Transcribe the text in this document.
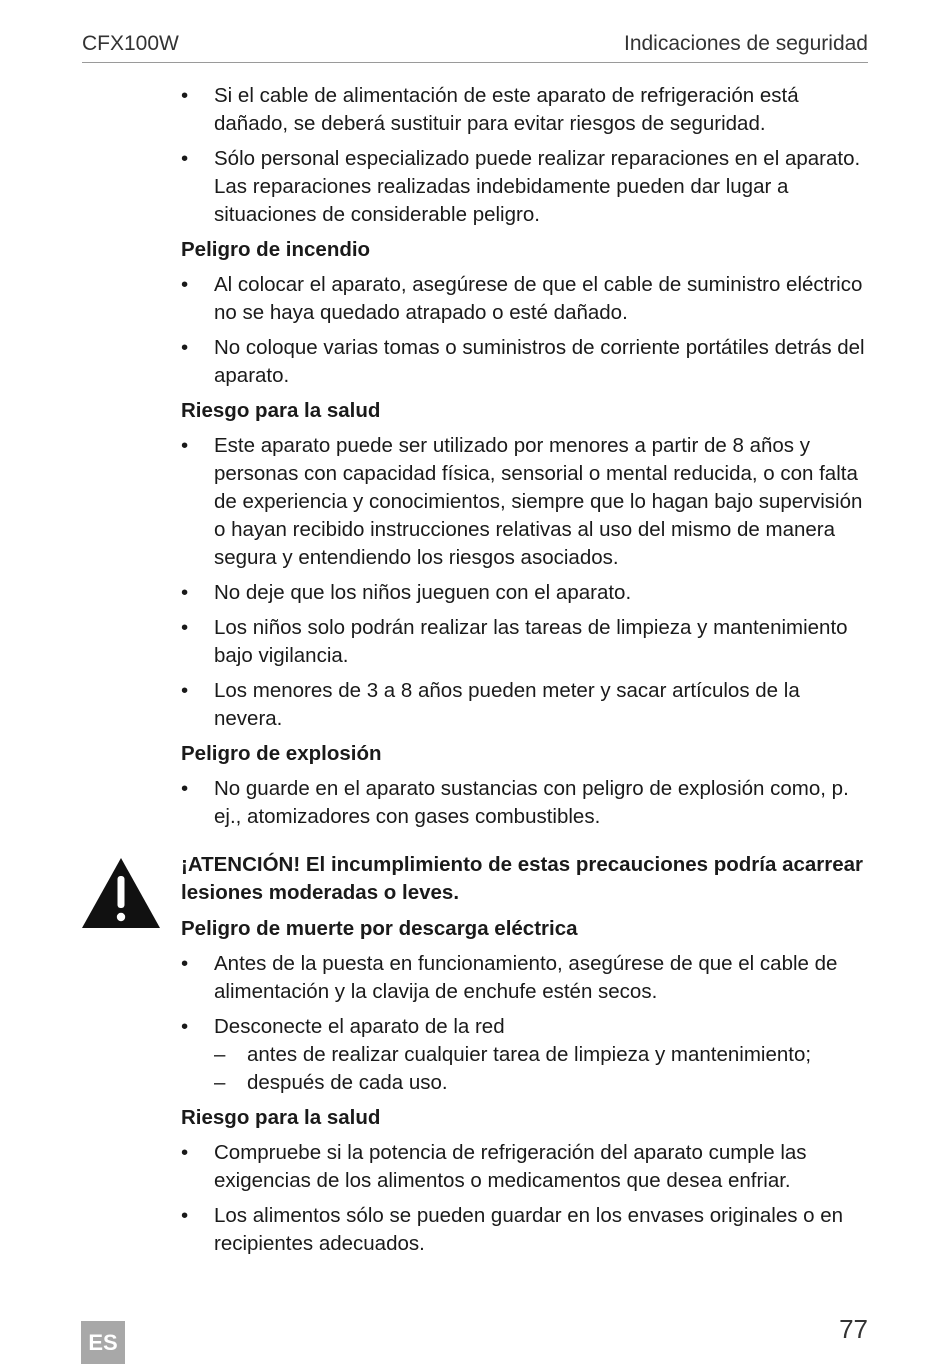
CFX100W	Indicaciones de seguridad
• Si el cable de alimentación de este aparato de refrigeración está dañado, se deberá sustituir para evitar riesgos de seguridad.
• Sólo personal especializado puede realizar reparaciones en el aparato. Las reparaciones realizadas indebidamente pueden dar lugar a situaciones de considerable peligro.
Peligro de incendio
• Al colocar el aparato, asegúrese de que el cable de suministro eléctrico no se haya quedado atrapado o esté dañado.
• No coloque varias tomas o suministros de corriente portátiles detrás del aparato.
Riesgo para la salud
• Este aparato puede ser utilizado por menores a partir de 8 años y personas con capacidad física, sensorial o mental reducida, o con falta de experiencia y conocimientos, siempre que lo hagan bajo supervisión o hayan recibido instrucciones relativas al uso del mismo de manera segura y entendiendo los riesgos asociados.
• No deje que los niños jueguen con el aparato.
• Los niños solo podrán realizar las tareas de limpieza y mantenimiento bajo vigilancia.
• Los menores de 3 a 8 años pueden meter y sacar artículos de la nevera.
Peligro de explosión
• No guarde en el aparato sustancias con peligro de explosión como, p. ej., atomizadores con gases combustibles.
¡ATENCIÓN! El incumplimiento de estas precauciones podría acarrear lesiones moderadas o leves.
Peligro de muerte por descarga eléctrica
• Antes de la puesta en funcionamiento, asegúrese de que el cable de alimentación y la clavija de enchufe estén secos.
• Desconecte el aparato de la red
– antes de realizar cualquier tarea de limpieza y mantenimiento;
– después de cada uso.
Riesgo para la salud
• Compruebe si la potencia de refrigeración del aparato cumple las exigencias de los alimentos o medicamentos que desea enfriar.
• Los alimentos sólo se pueden guardar en los envases originales o en recipientes adecuados.
77
ES
